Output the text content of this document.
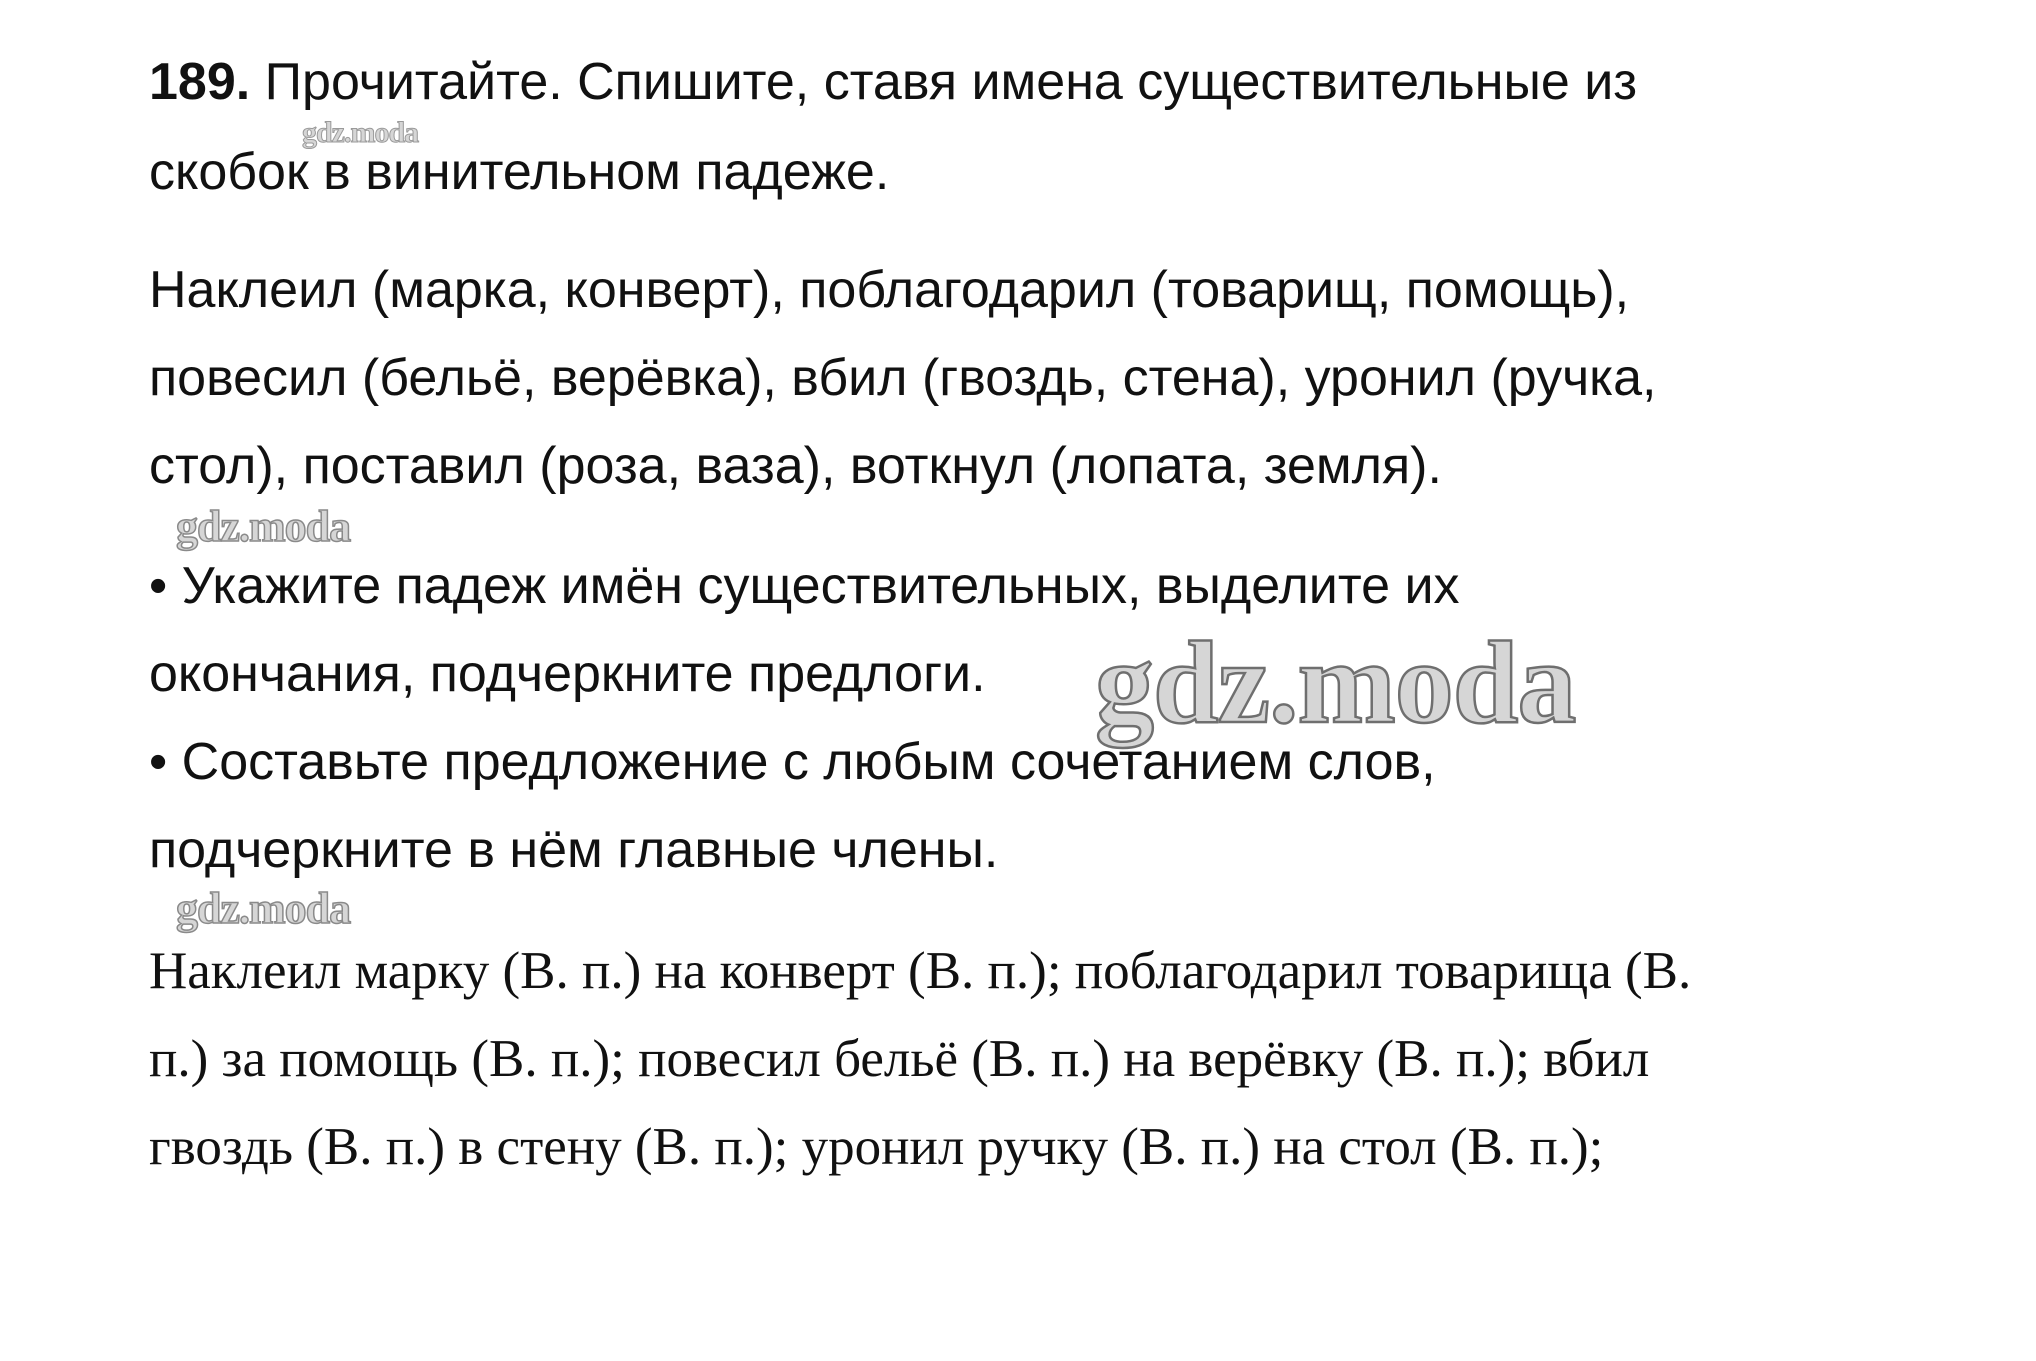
189. Прочитайте. Спишите, ставя имена существительные из
скобок в винительном падеже.
Наклеил (марка, конверт), поблагодарил (товарищ, помощь),
повесил (бельё, верёвка), вбил (гвоздь, стена), уронил (ручка,
стол), поставил (роза, ваза), воткнул (лопата, земля).
• Укажите падеж имён существительных, выделите их
окончания, подчеркните предлоги.
• Составьте предложение с любым сочетанием слов,
подчеркните в нём главные члены.
Наклеил марку (В. п.) на конверт (В. п.); поблагодарил товарища (В.
п.) за помощь (В. п.); повесил бельё (В. п.) на верёвку (В. п.); вбил
гвоздь (В. п.) в стену (В. п.); уронил ручку (В. п.) на стол (В. п.);
gdz.moda
gdz.moda
gdz.moda
gdz.moda
